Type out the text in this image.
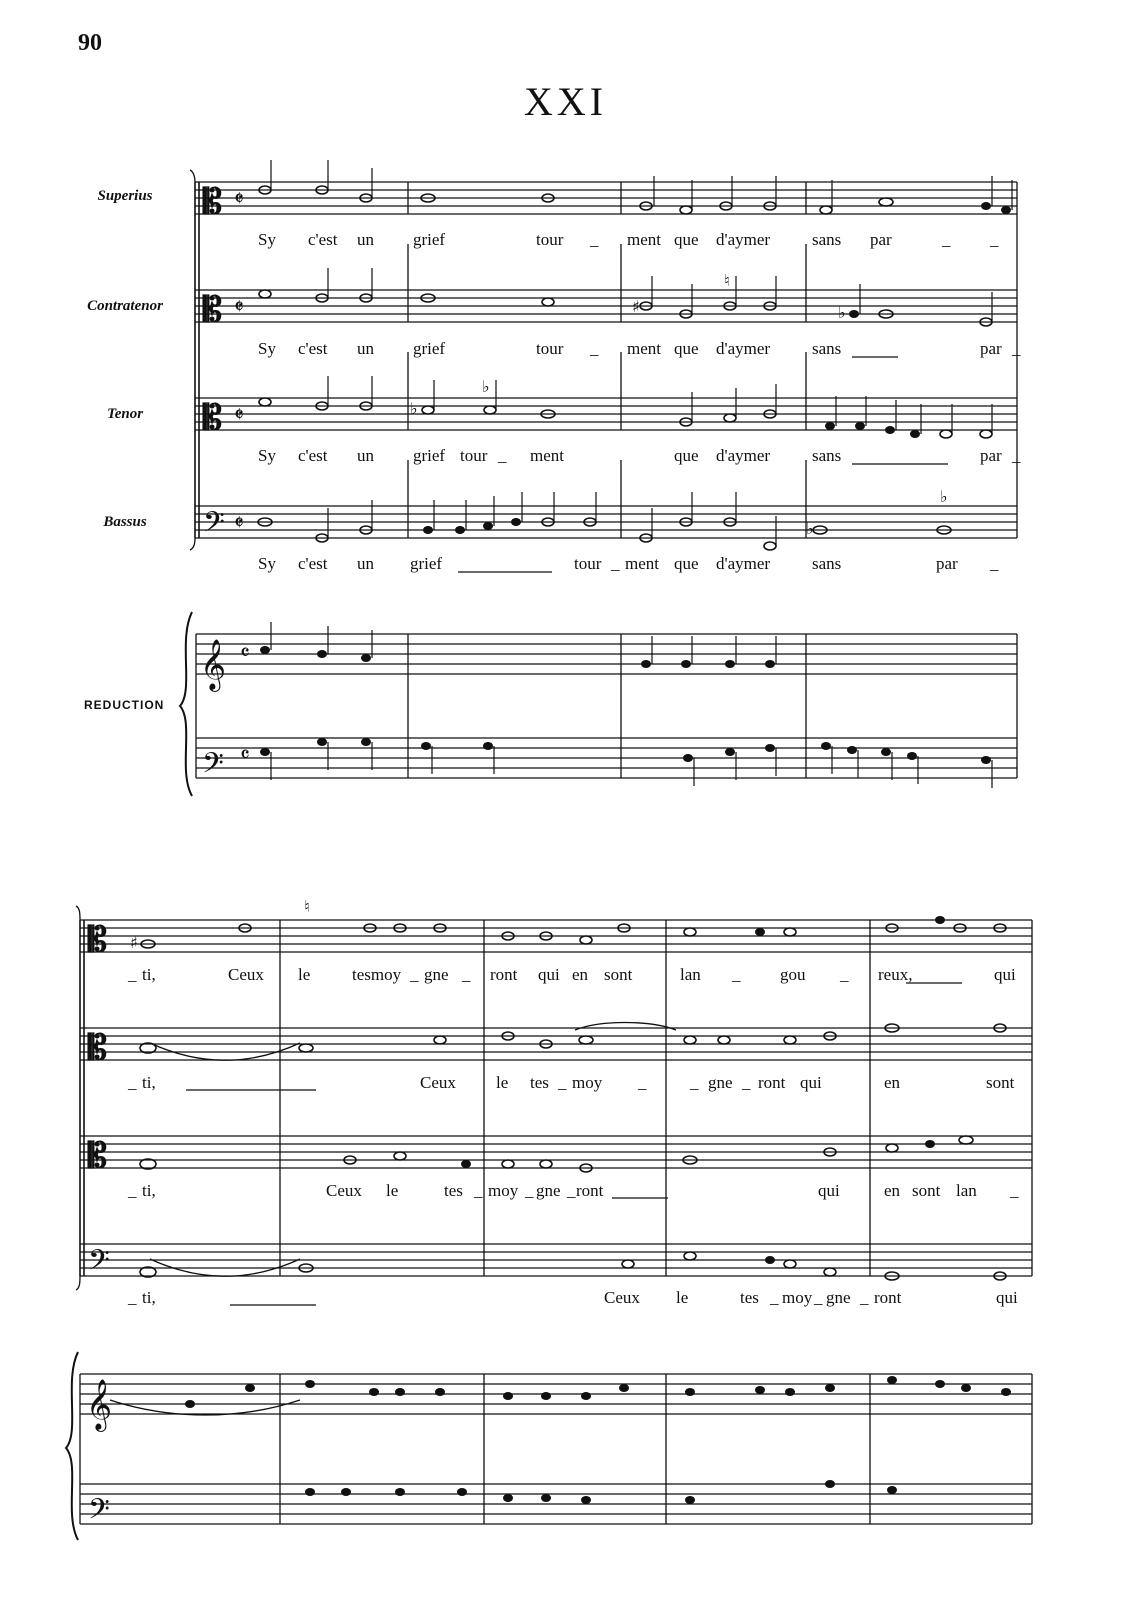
90
XXI
Superius
Contratenor
Tenor
Bassus
REDUCTION
Sy c'est un grief	tour _ ment que d'aymer sans par	_ _
Sy c'est un grief	tour _ ment que d'aymer sans	par _
Sy c'est un grief tour _ ment	que d'aymer sans	par _
Sy c'est un grief	tour _ ment que d'aymer sans	par _
_ ti,	Ceux le tesmoy _ gne _ ront qui en sont	lan _ gou _ reux,	qui
_ ti,	Ceux le tes _ moy _	_ gne _ ront qui	en	sont
_ ti,	Ceux le	tes _ moy _ gne _ ront	qui	en sont lan _
_ ti,	Ceux le	tes _ moy _ gne _ ront	qui
𝄡
𝄡
𝄡
𝄢
𝄞
𝄢
𝄵
𝄵
𝄵
𝄵
𝄴
𝄴
𝄡
𝄡
𝄡
𝄢
𝄞
𝄢
♭
♭
♮
♮
♯
♯	♭
♭
♭
